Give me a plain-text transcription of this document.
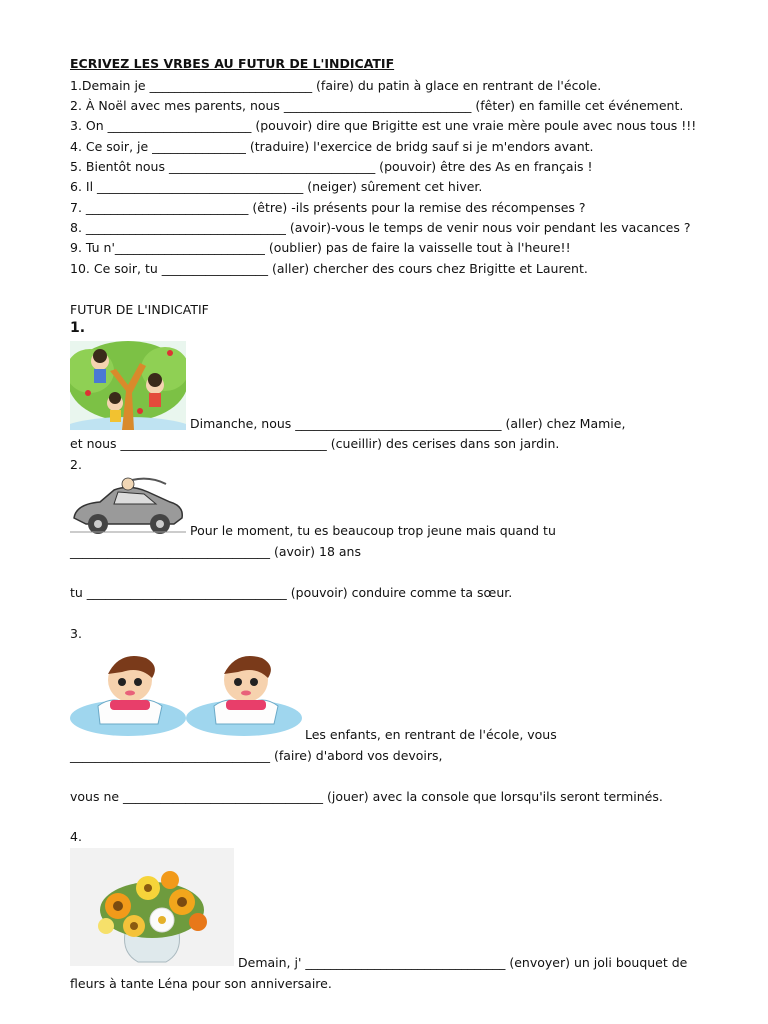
ECRIVEZ LES VRBES AU FUTUR DE L'INDICATIF
1.Demain je __________________________ (faire) du patin à glace en rentrant de l'école.
2. À Noël avec mes parents, nous ______________________________ (fêter) en famille cet événement.
3. On _______________________ (pouvoir) dire que Brigitte est une vraie mère poule avec nous tous !!!
4. Ce soir, je _______________ (traduire) l'exercice de bridg sauf si je m'endors avant.
5. Bientôt nous _________________________________ (pouvoir) être des As en français !
6. Il _________________________________ (neiger) sûrement cet hiver.
7. __________________________ (être) -ils présents pour la remise des récompenses ?
8. ________________________________ (avoir)-vous le temps de venir nous voir pendant les vacances ?
9. Tu n'________________________ (oublier) pas de faire la vaisselle tout à l'heure!!
10. Ce soir, tu _________________ (aller) chercher des cours chez Brigitte et Laurent.
FUTUR DE L'INDICATIF
1.
Dimanche, nous _________________________________ (aller) chez Mamie,
et nous _________________________________ (cueillir) des cerises dans son jardin.
2.
Pour le moment, tu es beaucoup trop jeune mais quand tu
________________________________ (avoir) 18 ans
tu ________________________________ (pouvoir) conduire comme ta sœur.
3.
Les enfants, en rentrant de l'école, vous
________________________________ (faire) d'abord vos devoirs,
vous ne ________________________________ (jouer) avec la console que lorsqu'ils seront terminés.
4.
Demain, j' ________________________________ (envoyer) un joli bouquet de
fleurs à tante Léna pour son anniversaire.
